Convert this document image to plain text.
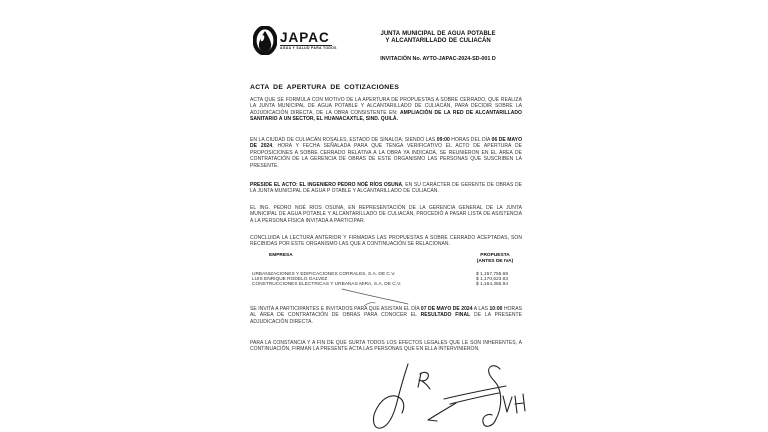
JAPAC
AGUA Y SALUD PARA TODOS
JUNTA MUNICIPAL DE AGUA POTABLE
Y ALCANTARILLADO DE CULIACÁN
INVITACIÓN No. AYTO-JAPAC-2024-SD-001 D
ACTA DE APERTURA DE COTIZACIONES
ACTA QUE SE FORMULA CON MOTIVO DE LA APERTURA DE PROPUESTAS A SOBRE CERRADO, QUE REALIZA LA JUNTA MUNICIPAL DE AGUA POTABLE Y ALCANTARILLADO DE CULIACÁN, PARA DECIDIR SOBRE LA ADJUDICACIÓN DIRECTA, DE LA OBRA CONSISTENTE EN: AMPLIACIÓN DE LA RED DE ALCANTARILLADO SANITARIO A UN SECTOR, EL HUANACAXTLE, SIND. QUILÁ.
EN LA CIUDAD DE CULIACÁN ROSALES, ESTADO DE SINALOA; SIENDO LAS 09:00 HORAS DEL DÍA 06 DE MAYO DE 2024, HORA Y FECHA SEÑALADA PARA QUE TENGA VERIFICATIVO EL ACTO DE APERTURA DE PROPOSICIONES A SOBRE CERRADO RELATIVA A LA OBRA YA INDICADA, SE REUNIERON EN EL ÁREA DE CONTRATACIÓN DE LA GERENCIA DE OBRAS DE ESTE ORGANISMO LAS PERSONAS QUE SUSCRIBEN LA PRESENTE.
PRESIDE EL ACTO: EL INGENIERO PEDRO NOÉ RÍOS OSUNA, EN SU CARÁCTER DE GERENTE DE OBRAS DE LA JUNTA MUNICIPAL DE AGUA P OTABLE Y ALCANTARILLADO DE CULIACÁN.
EL ING. PEDRO NOÉ RÍOS OSUNA, EN REPRESENTACIÓN DE LA GERENCIA GENERAL DE LA JUNTA MUNICIPAL DE AGUA POTABLE Y ALCANTARILLADO DE CULIACÁN, PROCEDIÓ A PASAR LISTA DE ASISTENCIA A LA PERSONA FÍSICA INVITADA A PARTICIPAR.
CONCLUIDA LA LECTURA ANTERIOR Y FIRMADAS LAS PROPUESTAS A SOBRE CERRADO ACEPTADAS, SON RECIBIDAS POR ESTE ORGANISMO LAS QUE A CONTINUACIÓN SE RELACIONAN.
SE INVITA A PARTICIPANTES E INVITADOS PARA QUE ASISTAN EL DÍA 07 DE MAYO DE 2024 A LAS 10:00 HORAS AL ÁREA DE CONTRATACIÓN DE OBRAS PARA CONOCER EL RESULTADO FINAL DE LA PRESENTE ADJUDICACIÓN DIRECTA.
PARA LA CONSTANCIA Y A FIN DE QUE SURTA TODOS LOS EFECTOS LEGALES QUE LE SON INHERENTES, A CONTINUACIÓN, FIRMAN LA PRESENTE ACTA LAS PERSONAS QUE EN ELLA INTERVINIERON.
EMPRESA	PROPUESTA
(ANTES DE IVA)
URBANIZACIONES Y EDIFICACIONES CORRALES, S.A. DE C.V.	$ 1,157,755.68
LUIS ENRIQUE RODELO GALVEZ	$ 1,170,623.83
CONSTRUCCIONES ELECTRICAS Y URBANAS MIRA, S.A. DE C.V.	$ 1,164,356.94
